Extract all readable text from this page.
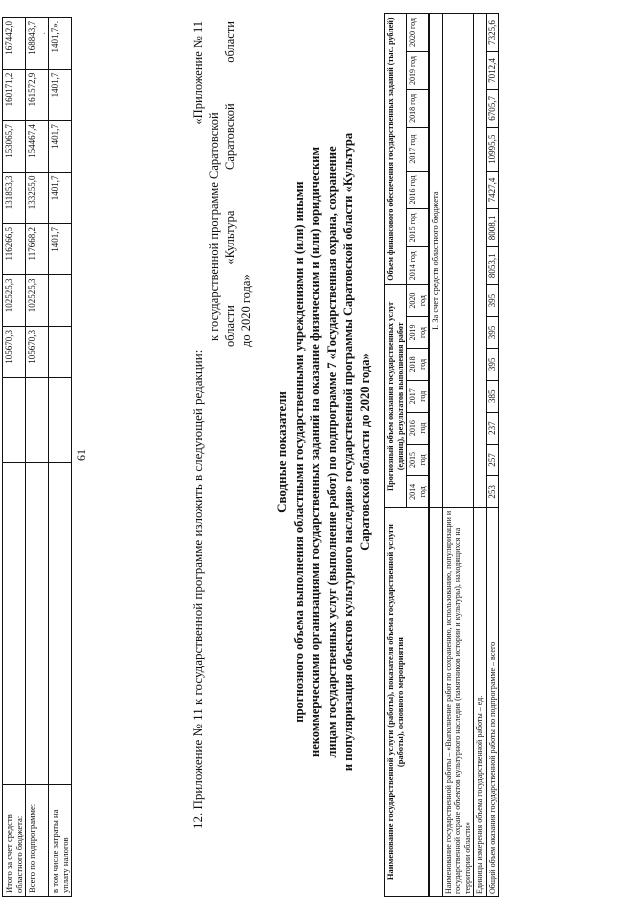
·
Итого за счет средств областного бюджета:			105670,3	102525,3	116266,5	131853,3	153065,7	160171,2	167442,0
Всего по подпрограмме:			105670,3	102525,3	117668,2	133255,0	154467,4	161572,9	168843,7
в том числе затраты на уплату налогов					1401,7	1401,7	1401,7	1401,7	1401,7».
61	12. Приложение № 11 к государственной программе изложить в следующей редакции:
«Приложение № 11
к государственной программе Саратовской области «Культура Саратовской области до 2020 года»
Сводные показатели прогнозного объема выполнения областными государственными учреждениями и (или) иными некоммерческими организациями государственных заданий на оказание физическим и (или) юридическим лицам государственных услуг (выполнение работ) по подпрограмме 7 «Государственная охрана, сохранение и популяризация объектов культурного наследия» государственной программы Саратовской области «Культура Саратовской области до 2020 года»
Наименование государственной услуги (работы), показателя объема государственной услуги (работы), основного мероприятия	Прогнозный объем оказания государственных услуг (единиц), результатов выполнения работ							Объем финансового обеспечения государственных заданий (тыс. рублей)						
	2014 год	2015 год	2016 год	2017 год	2018 год	2019 год	2020 год	2014 год	2015 год	2016 год	2017 год	2018 год	2019 год	2020 год
	I. За счет средств областного бюджета													
Наименование государственной работы – «Выполнение работ по сохранению, использованию, популяризации и государственной охране объектов культурного наследия (памятников истории и культуры), находящихся на территории области»														
Единицы измерения объема государственной работы – ед.														
Общий объем оказания государственной работы по подпрограмме – всего	253	257	237	385	395	395	395	8053,1	8008,1	7427,4	10995,5	6705,7	7012,4	7325,6
